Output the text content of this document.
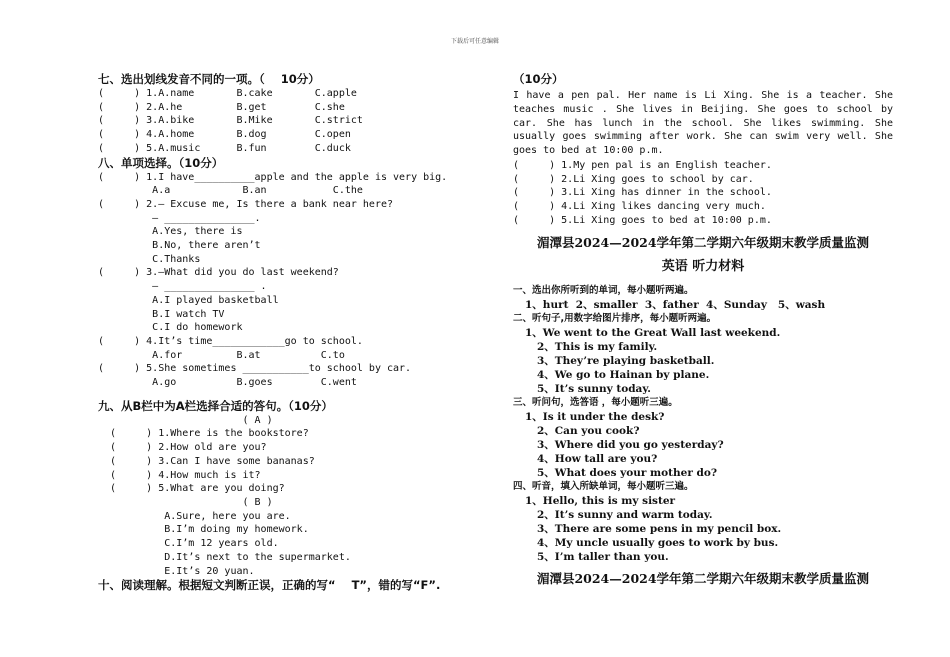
下载后可任意编辑
七、选出划线发音不同的一项。（    10分）
(     ) 1.A.name       B.cake       C.apple
(     ) 2.A.he         B.get        C.she
(     ) 3.A.bike       B.Mike       C.strict
(     ) 4.A.home       B.dog        C.open
(     ) 5.A.music      B.fun        C.duck
八、单项选择。（10分）
(     ) 1.I have__________apple and the apple is very big.
A.a            B.an           C.the
(     ) 2.— Excuse me, Is there a bank near here?
— _______________.
A.Yes, there is
B.No, there aren’t
C.Thanks
(     ) 3.—What did you do last weekend?
— _______________ .
A.I played basketball
B.I watch TV
C.I do homework
(     ) 4.It’s time____________go to school.
A.for         B.at          C.to
(     ) 5.She sometimes ___________to school by car.
A.go          B.goes        C.went
九、从B栏中为A栏选择合适的答句。（10分）
( A )
(     ) 1.Where is the bookstore?
(     ) 2.How old are you?
(     ) 3.Can I have some bananas?
(     ) 4.How much is it?
(     ) 5.What are you doing?
( B )
A.Sure, here you are.
B.I’m doing my homework.
C.I’m 12 years old.
D.It’s next to the supermarket.
E.It’s 20 yuan.
十、阅读理解。根据短文判断正误，正确的写“    T”，错的写“F”.
（10分）
I have a pen pal. Her name is Li Xing. She is a teacher. She teaches music . She lives in Beijing. She goes to school by car. She has lunch in the school. She likes swimming. She usually goes swimming after work. She can swim very well. She goes to bed at 10:00 p.m.
(     ) 1.My pen pal is an English teacher.
(     ) 2.Li Xing goes to school by car.
(     ) 3.Li Xing has dinner in the school.
(     ) 4.Li Xing likes dancing very much.
(     ) 5.Li Xing goes to bed at 10:00 p.m.
湄潭县2024—2024学年第二学期六年级期末教学质量监测
英语 听力材料
一、选出你所听到的单词，每小题听两遍。
1、hurt  2、smaller  3、father  4、Sunday   5、wash
二、听句子,用数字给图片排序，每小题听两遍。
1、We went to the Great Wall last weekend.
2、This is my family.
3、They’re playing basketball.
4、We go to Hainan by plane.
5、It’s sunny today.
三、听问句，选答语 ，每小题听三遍。
1、Is it under the desk?
2、Can you cook?
3、Where did you go yesterday?
4、How tall are you?
5、What does your mother do?
四、听音，填入所缺单词，每小题听三遍。
1、Hello, this is my sister
2、It’s sunny and warm today.
3、There are some pens in my pencil box.
4、My uncle usually goes to work by bus.
5、I’m taller than you.
湄潭县2024—2024学年第二学期六年级期末教学质量监测
